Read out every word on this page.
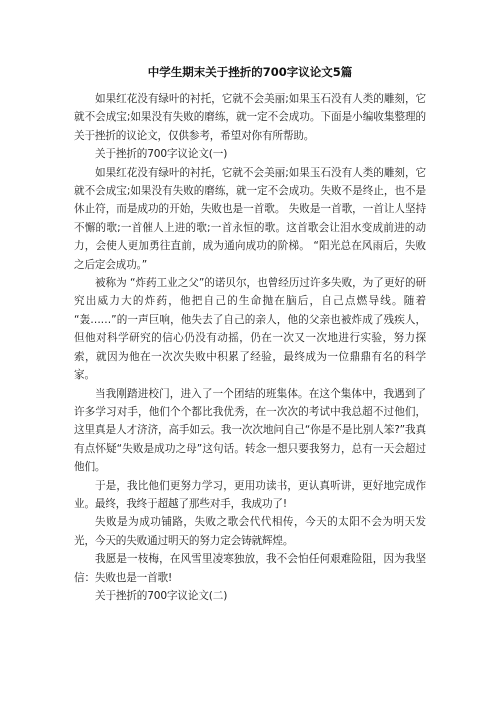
中学生期末关于挫折的700字议论文5篇

如果红花没有绿叶的衬托，它就不会美丽;如果玉石没有人类的雕刻，它就不会成宝;如果没有失败的磨练，就一定不会成功。下面是小编收集整理的关于挫折的议论文，仅供参考，希望对你有所帮助。

关于挫折的700字议论文(一)

如果红花没有绿叶的衬托，它就不会美丽;如果玉石没有人类的雕刻，它就不会成宝;如果没有失败的磨练，就一定不会成功。失败不是终止，也不是休止符，而是成功的开始，失败也是一首歌。 失败是一首歌，一首让人坚持不懈的歌;一首催人上进的歌;一首永恒的歌。这首歌会让泪水变成前进的动力，会使人更加勇往直前，成为通向成功的阶梯。 “阳光总在风雨后，失败之后定会成功。”

被称为 “炸药工业之父”的诺贝尔，也曾经历过许多失败，为了更好的研究出威力大的炸药，他把自己的生命抛在脑后，自己点燃导线。随着 “轰……”的一声巨响，他失去了自己的亲人，他的父亲也被炸成了残疾人，但他对科学研究的信心仍没有动摇，仍在一次又一次地进行实验，努力探索，就因为他在一次次失败中积累了经验，最终成为一位鼎鼎有名的科学家。

当我刚踏进校门，进入了一个团结的班集体。在这个集体中，我遇到了许多学习对手，他们个个都比我优秀，在一次次的考试中我总超不过他们，这里真是人才济济，高手如云。我一次次地问自己“你是不是比别人笨?”我真有点怀疑“失败是成功之母”这句话。转念一想只要我努力，总有一天会超过他们。

于是，我比他们更努力学习，更用功读书，更认真听讲，更好地完成作业。最终，我终于超越了那些对手，我成功了!

失败是为成功铺路，失败之歌会代代相传，今天的太阳不会为明天发光，今天的失败通过明天的努力定会铸就辉煌。

我愿是一枝梅，在风雪里凌寒独放，我不会怕任何艰难险阻，因为我坚信：失败也是一首歌!

关于挫折的700字议论文(二)
